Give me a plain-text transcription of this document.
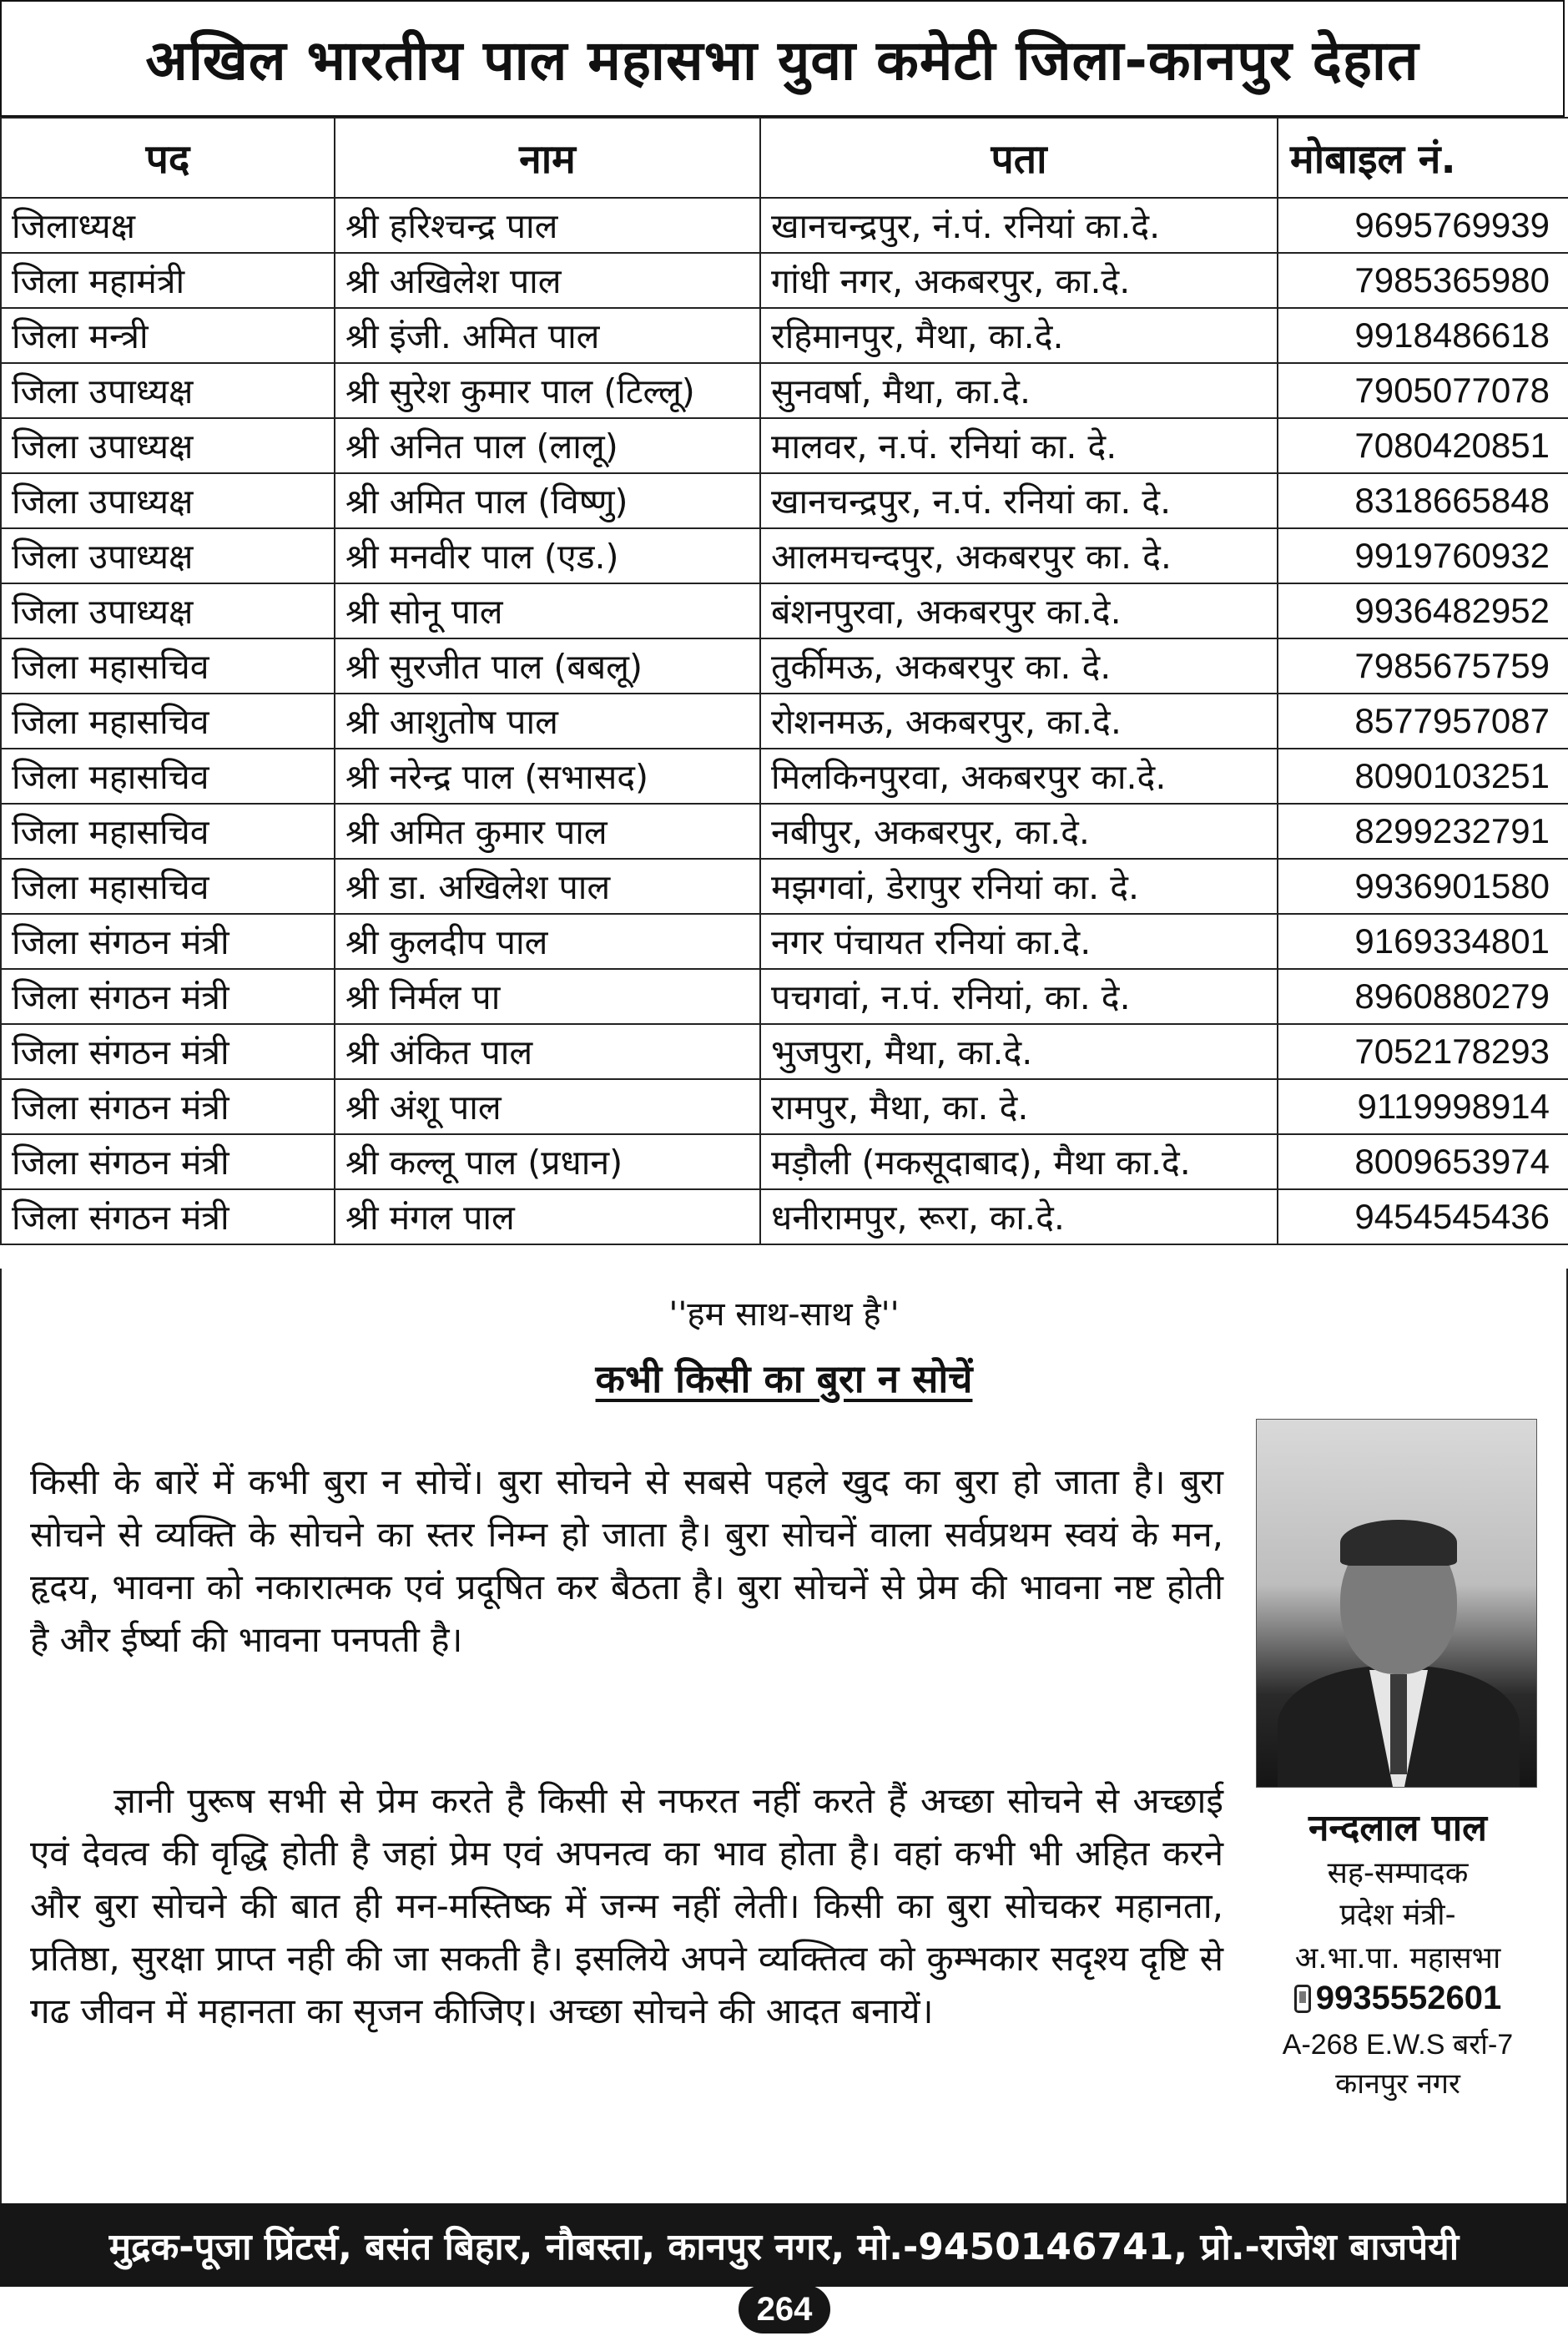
अखिल भारतीय पाल महासभा युवा कमेटी जिला-कानपुर देहात
पद	नाम	पता	मोबाइल नं.
जिलाध्यक्ष	श्री हरिश्चन्द्र पाल	खानचन्द्रपुर, नं.पं. रनियां का.दे.	9695769939
जिला महामंत्री	श्री अखिलेश पाल	गांधी नगर, अकबरपुर, का.दे.	7985365980
जिला मन्त्री	श्री इंजी. अमित पाल	रहिमानपुर, मैथा, का.दे.	9918486618
जिला उपाध्यक्ष	श्री सुरेश कुमार पाल (टिल्लू)	सुनवर्षा, मैथा, का.दे.	7905077078
जिला उपाध्यक्ष	श्री अनित पाल (लालू)	मालवर, न.पं. रनियां का. दे.	7080420851
जिला उपाध्यक्ष	श्री अमित पाल (विष्णु)	खानचन्द्रपुर, न.पं. रनियां का. दे.	8318665848
जिला उपाध्यक्ष	श्री मनवीर पाल (एड.)	आलमचन्दपुर, अकबरपुर का. दे.	9919760932
जिला उपाध्यक्ष	श्री सोनू पाल	बंशनपुरवा, अकबरपुर का.दे.	9936482952
जिला महासचिव	श्री सुरजीत पाल (बबलू)	तुर्कीमऊ, अकबरपुर का. दे.	7985675759
जिला महासचिव	श्री आशुतोष पाल	रोशनमऊ, अकबरपुर, का.दे.	8577957087
जिला महासचिव	श्री नरेन्द्र पाल (सभासद)	मिलकिनपुरवा, अकबरपुर का.दे.	8090103251
जिला महासचिव	श्री अमित कुमार पाल	नबीपुर, अकबरपुर, का.दे.	8299232791
जिला महासचिव	श्री डा. अखिलेश पाल	मझगवां, डेरापुर रनियां का. दे.	9936901580
जिला संगठन मंत्री	श्री कुलदीप पाल	नगर पंचायत रनियां का.दे.	9169334801
जिला संगठन मंत्री	श्री निर्मल पा	पचगवां, न.पं. रनियां, का. दे.	8960880279
जिला संगठन मंत्री	श्री अंकित पाल	भुजपुरा, मैथा, का.दे.	7052178293
जिला संगठन मंत्री	श्री अंशू पाल	रामपुर, मैथा, का. दे.	9119998914
जिला संगठन मंत्री	श्री कल्लू पाल (प्रधान)	मड़ौली (मकसूदाबाद), मैथा का.दे.	8009653974
जिला संगठन मंत्री	श्री मंगल पाल	धनीरामपुर, रूरा, का.दे.	9454545436
''हम साथ-साथ है''
कभी किसी का बुरा न सोचें

किसी के बारें में कभी बुरा न सोचें। बुरा सोचने से सबसे पहले खुद का बुरा हो जाता है। बुरा सोचने से व्यक्ति के सोचने का स्तर निम्न हो जाता है। बुरा सोचनें वाला सर्वप्रथम स्वयं के मन, हृदय, भावना को नकारात्मक एवं प्रदूषित कर बैठता है। बुरा सोचनें से प्रेम की भावना नष्ट होती है और ईर्ष्या की भावना पनपती है।

ज्ञानी पुरूष सभी से प्रेम करते है किसी से नफरत नहीं करते हैं अच्छा सोचने से अच्छाई एवं देवत्व की वृद्धि होती है जहां प्रेम एवं अपनत्व का भाव होता है। वहां कभी भी अहित करने और बुरा सोचने की बात ही मन-मस्तिष्क में जन्म नहीं लेती। किसी का बुरा सोचकर महानता, प्रतिष्ठा, सुरक्षा प्राप्त नही की जा सकती है। इसलिये अपने व्यक्तित्व को कुम्भकार सदृश्य दृष्टि से गढ जीवन में महानता का सृजन कीजिए। अच्छा सोचने की आदत बनायें।

नन्दलाल पाल
सह-सम्पादक
प्रदेश मंत्री-
अ.भा.पा. महासभा
9935552601
A-268 E.W.S बर्रा-7
कानपुर नगर
मुद्रक-पूजा प्रिंटर्स, बसंत बिहार, नौबस्ता, कानपुर नगर, मो.-9450146741, प्रो.-राजेश बाजपेयी
264
